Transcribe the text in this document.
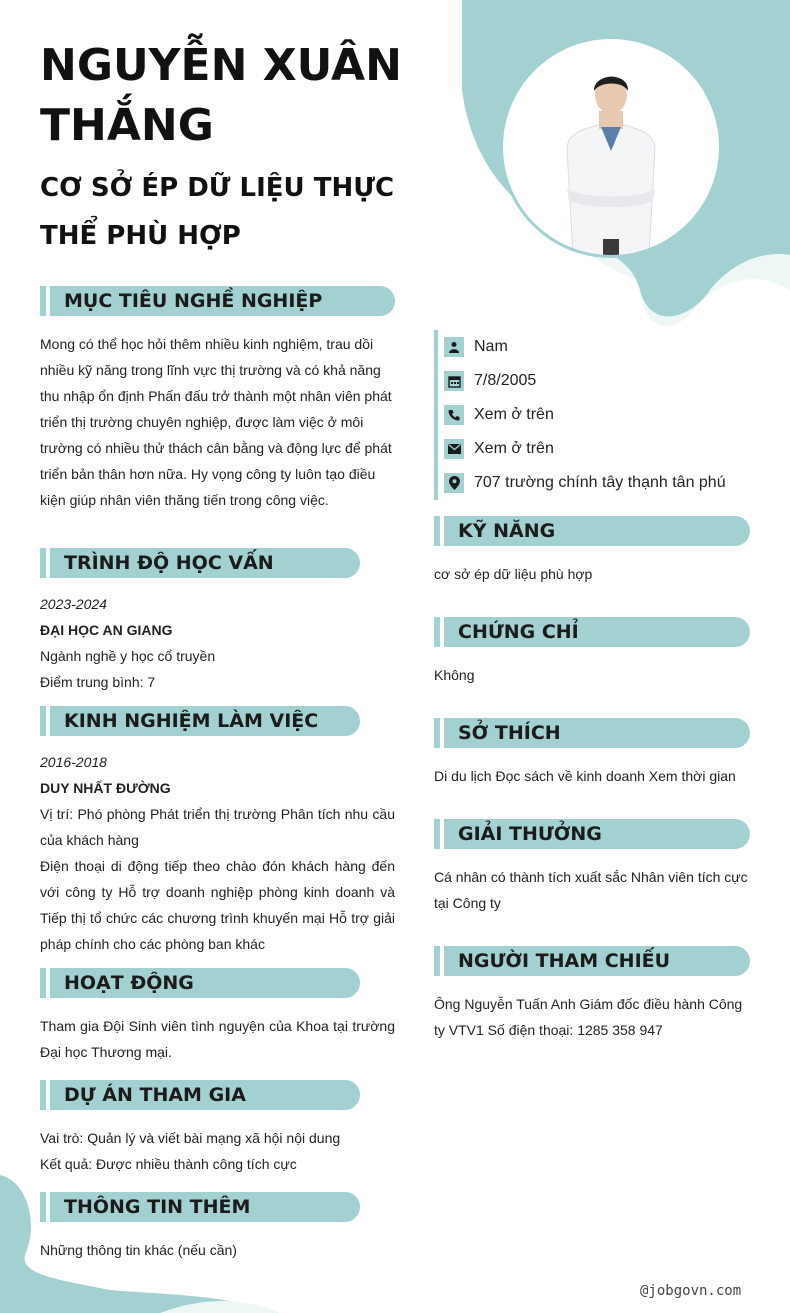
NGUYỄN XUÂN THẮNG
CƠ SỞ ÉP DỮ LIỆU THỰC THỂ PHÙ HỢP
MỤC TIÊU NGHỀ NGHIỆP

Mong có thể học hỏi thêm nhiều kinh nghiệm, trau dồi nhiều kỹ năng trong lĩnh vực thị trường và có khả năng thu nhập ổn định Phấn đấu trở thành một nhân viên phát triển thị trường chuyên nghiệp, được làm việc ở môi trường có nhiều thử thách cân bằng và động lực để phát triển bản thân hơn nữa. Hy vọng công ty luôn tạo điều kiện giúp nhân viên thăng tiến trong công việc.

TRÌNH ĐỘ HỌC VẤN
2023-2024
ĐẠI HỌC AN GIANG
Ngành nghề y học cổ truyền
Điểm trung bình: 7
KINH NGHIỆM LÀM VIỆC
2016-2018
DUY NHẤT ĐƯỜNG
Vị trí: Phó phòng Phát triển thị trường Phân tích nhu cầu của khách hàng
Điện thoại di động tiếp theo chào đón khách hàng đến với công ty Hỗ trợ doanh nghiệp phòng kinh doanh và Tiếp thị tổ chức các chương trình khuyến mại Hỗ trợ giải pháp chính cho các phòng ban khác
HOẠT ĐỘNG

Tham gia Đội Sinh viên tình nguyện của Khoa tại trường Đại học Thương mại.

DỰ ÁN THAM GIA
Vai trò: Quản lý và viết bài mạng xã hội nội dung
Kết quả: Được nhiều thành công tích cực
THÔNG TIN THÊM

Những thông tin khác (nếu cần)

Nam
7/8/2005
Xem ở trên
Xem ở trên
707 trường chính tây thạnh tân phú
KỸ NĂNG

cơ sở ép dữ liệu phù hợp

CHỨNG CHỈ

Không

SỞ THÍCH

Di du lịch Đọc sách về kinh doanh Xem thời gian

GIẢI THƯỞNG

Cá nhân có thành tích xuất sắc Nhân viên tích cực tại Công ty

NGƯỜI THAM CHIẾU

Ông Nguyễn Tuấn Anh Giám đốc điều hành Công ty VTV1 Số điện thoại: 1285 358 947

@jobgovn.com
